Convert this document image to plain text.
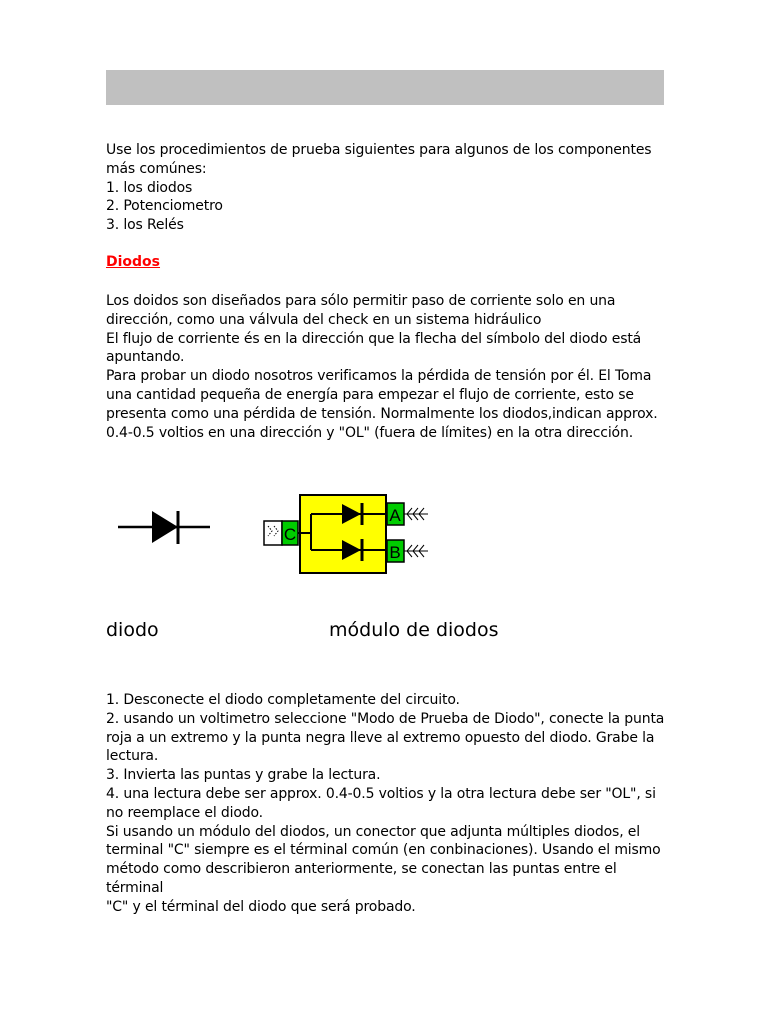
Use los procedimientos de prueba siguientes para algunos de los componentes

más comúnes:

1. los diodos

2. Potenciometro

3. los Relés

Diodos

Los doidos son diseñados para sólo permitir paso de corriente solo en una

dirección, como una válvula del check en un sistema hidráulico

El flujo de corriente és en la dirección que la flecha del símbolo del diodo está

apuntando.

Para probar un diodo nosotros verificamos la pérdida de tensión por él. El Toma

una cantidad pequeña de energía para empezar el flujo de corriente, esto se

presenta como una pérdida de tensión. Normalmente los diodos,indican approx.

0.4-0.5 voltios en una dirección y "OL" (fuera de límites) en la otra dirección.

C
A
B
diodo	módulo de diodos

1. Desconecte el diodo completamente del circuito.

2. usando un voltimetro seleccione "Modo de Prueba de Diodo", conecte la punta

roja a un extremo y la punta negra lleve al extremo opuesto del diodo. Grabe la

lectura.

3. Invierta las puntas y grabe la lectura.

4. una lectura debe ser approx. 0.4-0.5 voltios y la otra lectura debe ser "OL", si

no reemplace el diodo.

Si usando un módulo del diodos, un conector que adjunta múltiples diodos, el

terminal "C" siempre es el términal común (en conbinaciones). Usando el mismo

método como describieron anteriormente, se conectan las puntas entre el términal

"C" y el términal del diodo que será probado.
